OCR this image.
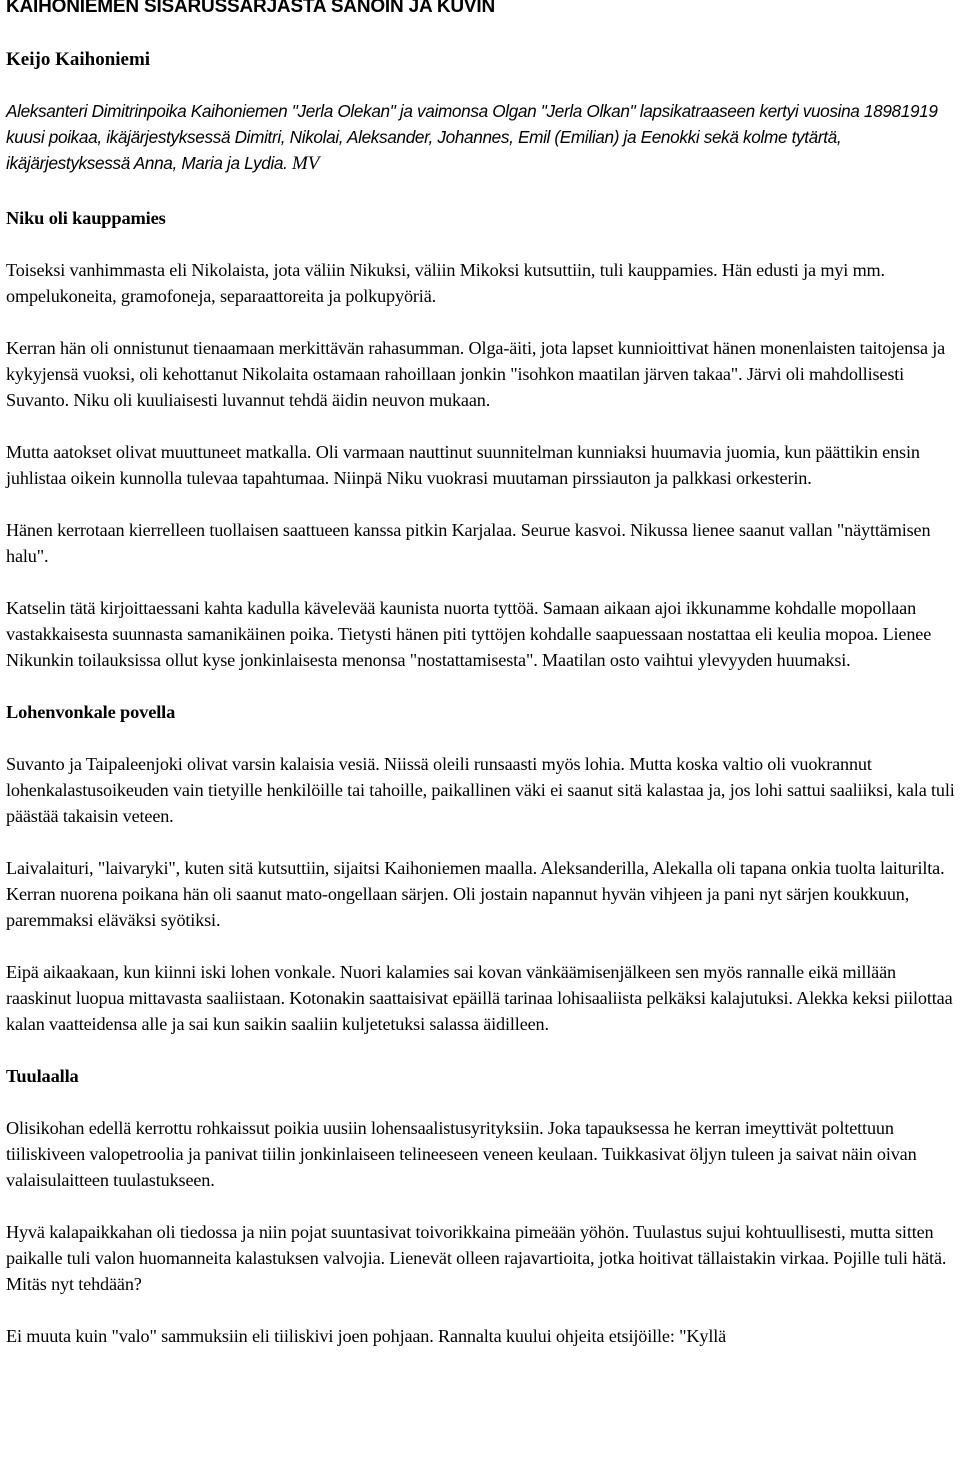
KAIHONIEMEN SISARUSSARJASTA SANOIN JA KUVIN
Keijo Kaihoniemi

Aleksanteri Dimitrinpoika Kaihoniemen "Jerla Olekan" ja vaimonsa Olgan "Jerla Olkan" lapsikatraaseen kertyi vuosina 18981919 kuusi poikaa, ikäjärjestyksessä Dimitri, Nikolai, Aleksander, Johannes, Emil (Emilian) ja Eenokki sekä kolme tytärtä, ikäjärjestyksessä Anna, Maria ja Lydia. MV

Niku oli kauppamies

Toiseksi vanhimmasta eli Nikolaista, jota väliin Nikuksi, väliin Mikoksi kutsuttiin, tuli kauppamies. Hän edusti ja myi mm. ompelukoneita, gramofoneja, separaattoreita ja polkupyöriä.

Kerran hän oli onnistunut tienaamaan merkittävän rahasumman. Olga-äiti, jota lapset kunnioittivat hänen monenlaisten taitojensa ja kykyjensä vuoksi, oli kehottanut Nikolaita ostamaan rahoillaan jonkin "isohkon maatilan järven takaa". Järvi oli mahdollisesti Suvanto. Niku oli kuuliaisesti luvannut tehdä äidin neuvon mukaan.

Mutta aatokset olivat muuttuneet matkalla. Oli varmaan nauttinut suunnitelman kunniaksi huumavia juomia, kun päättikin ensin juhlistaa oikein kunnolla tulevaa tapahtumaa. Niinpä Niku vuokrasi muutaman pirssiauton ja palkkasi orkesterin.

Hänen kerrotaan kierrelleen tuollaisen saattueen kanssa pitkin Karjalaa. Seurue kasvoi. Nikussa lienee saanut vallan "näyttämisen halu".

Katselin tätä kirjoittaessani kahta kadulla kävelevää kaunista nuorta tyttöä. Samaan aikaan ajoi ikkunamme kohdalle mopollaan vastakkaisesta suunnasta samanikäinen poika. Tietysti hänen piti tyttöjen kohdalle saapuessaan nostattaa eli keulia mopoa. Lienee Nikunkin toilauksissa ollut kyse jonkinlaisesta menonsa "nostattamisesta". Maatilan osto vaihtui ylevyyden huumaksi.

Lohenvonkale povella

Suvanto ja Taipaleenjoki olivat varsin kalaisia vesiä. Niissä oleili runsaasti myös lohia. Mutta koska valtio oli vuokrannut lohenkalastusoikeuden vain tietyille henkilöille tai tahoille, paikallinen väki ei saanut sitä kalastaa ja, jos lohi sattui saaliiksi, kala tuli päästää takaisin veteen.

Laivalaituri, "laivaryki", kuten sitä kutsuttiin, sijaitsi Kaihoniemen maalla. Aleksanderilla, Alekalla oli tapana onkia tuolta laiturilta. Kerran nuorena poikana hän oli saanut mato-ongellaan särjen. Oli jostain napannut hyvän vihjeen ja pani nyt särjen koukkuun, paremmaksi eläväksi syötiksi.

Eipä aikaakaan, kun kiinni iski lohen vonkale. Nuori kalamies sai kovan vänkäämisenjälkeen sen myös rannalle eikä millään raaskinut luopua mittavasta saaliistaan. Kotonakin saattaisivat epäillä tarinaa lohisaaliista pelkäksi kalajutuksi. Alekka keksi piilottaa kalan vaatteidensa alle ja sai kun saikin saaliin kuljetetuksi salassa äidilleen.

Tuulaalla

Olisikohan edellä kerrottu rohkaissut poikia uusiin lohensaalistusyrityksiin. Joka tapauksessa he kerran imeyttivät poltettuun tiiliskiveen valopetroolia ja panivat tiilin jonkinlaiseen telineeseen veneen keulaan. Tuikkasivat öljyn tuleen ja saivat näin oivan valaisulaitteen tuulastukseen.

Hyvä kalapaikkahan oli tiedossa ja niin pojat suuntasivat toivorikkaina pimeään yöhön. Tuulastus sujui kohtuullisesti, mutta sitten paikalle tuli valon huomanneita kalastuksen valvojia. Lienevät olleen rajavartioita, jotka hoitivat tällaistakin virkaa. Pojille tuli hätä. Mitäs nyt tehdään?

Ei muuta kuin "valo" sammuksiin eli tiiliskivi joen pohjaan. Rannalta kuului ohjeita etsijöille: "Kyllä
